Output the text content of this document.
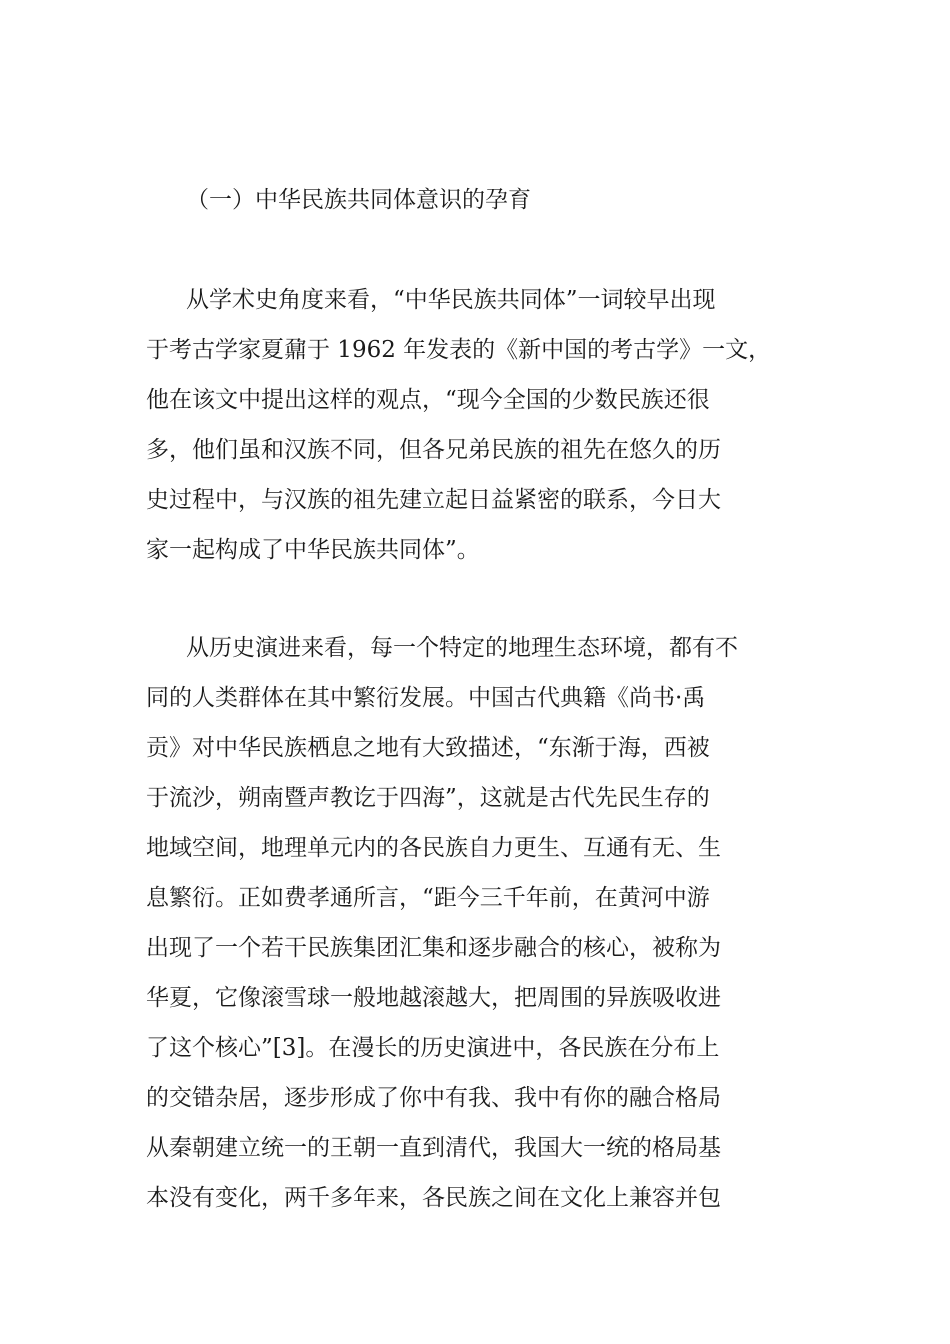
（一）中华民族共同体意识的孕育
从学术史角度来看，“中华民族共同体”一词较早出现
于考古学家夏鼐于 1962 年发表的《新中国的考古学》一文，
他在该文中提出这样的观点，“现今全国的少数民族还很
多，他们虽和汉族不同，但各兄弟民族的祖先在悠久的历
史过程中，与汉族的祖先建立起日益紧密的联系，今日大
家一起构成了中华民族共同体”。
从历史演进来看，每一个特定的地理生态环境，都有不
同的人类群体在其中繁衍发展。中国古代典籍《尚书·禹
贡》对中华民族栖息之地有大致描述，“东渐于海，西被
于流沙，朔南暨声教讫于四海”，这就是古代先民生存的
地域空间，地理单元内的各民族自力更生、互通有无、生
息繁衍。正如费孝通所言，“距今三千年前，在黄河中游
出现了一个若干民族集团汇集和逐步融合的核心，被称为
华夏，它像滚雪球一般地越滚越大，把周围的异族吸收进
了这个核心”[3]。在漫长的历史演进中，各民族在分布上
的交错杂居，逐步形成了你中有我、我中有你的融合格局
从秦朝建立统一的王朝一直到清代，我国大一统的格局基
本没有变化，两千多年来，各民族之间在文化上兼容并包
